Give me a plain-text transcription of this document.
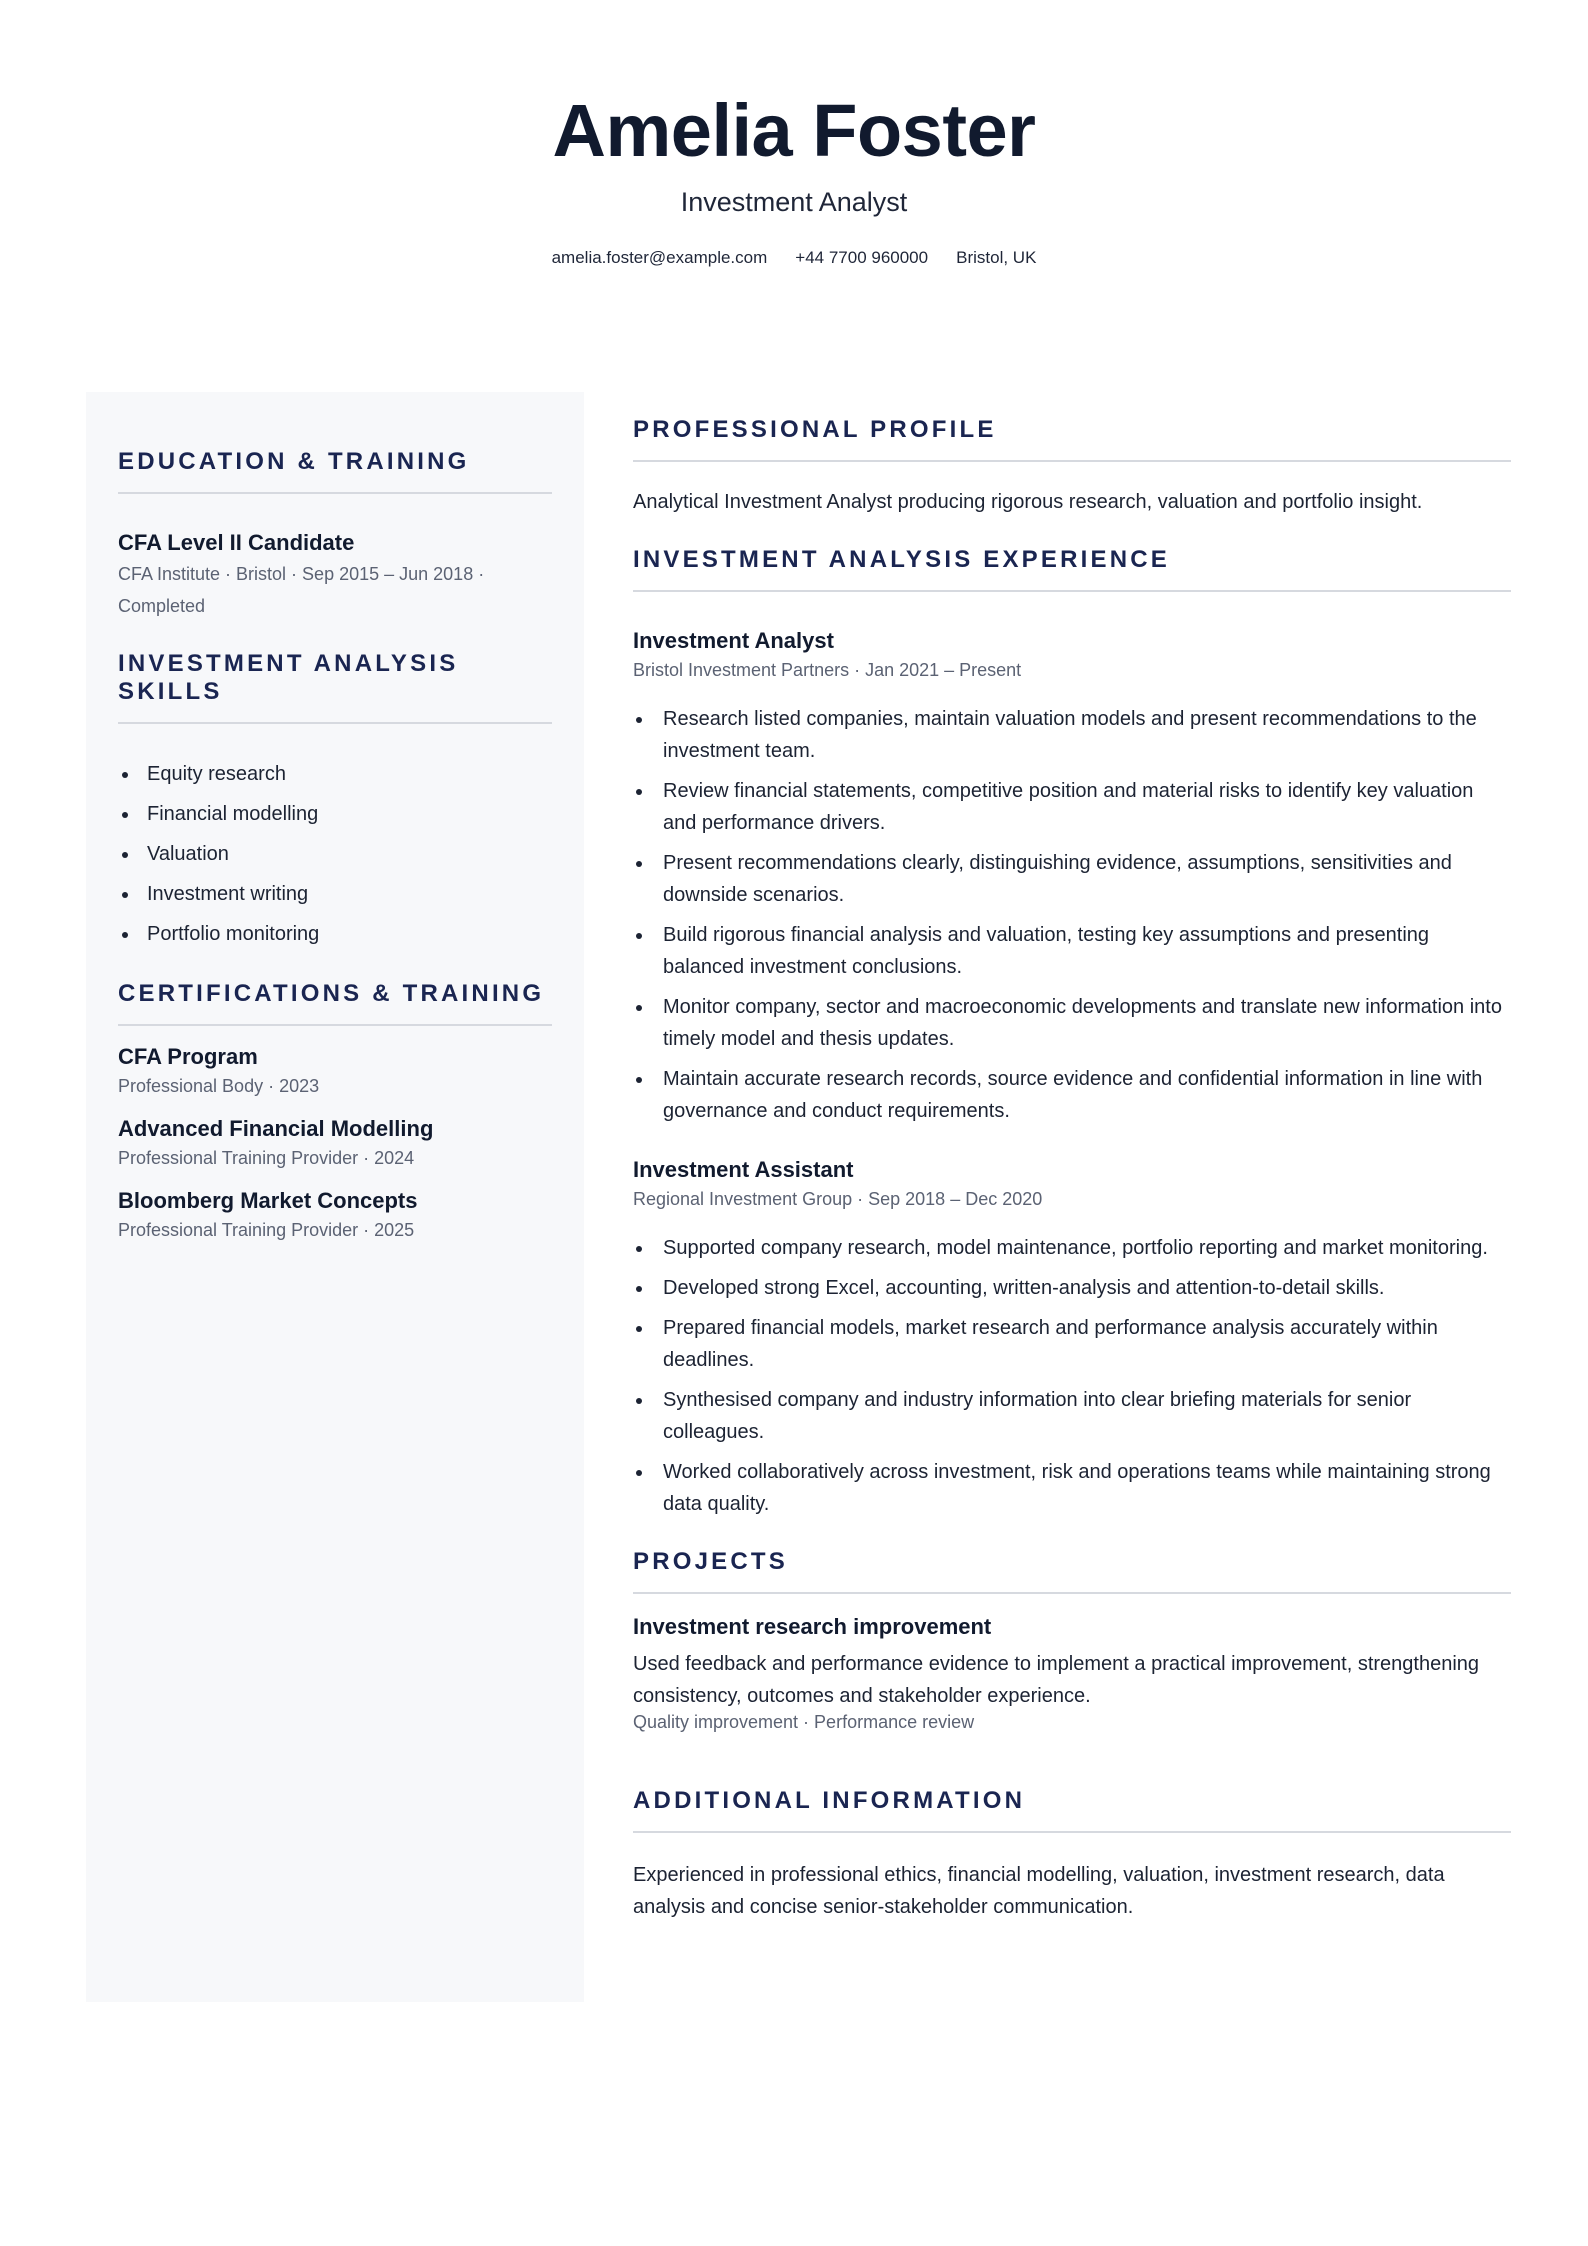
Amelia Foster
Investment Analyst
amelia.foster@example.com +44 7700 960000 Bristol, UK
EDUCATION & TRAINING
CFA Level II Candidate
CFA Institute · Bristol · Sep 2015 – Jun 2018 ·
Completed
INVESTMENT ANALYSIS SKILLS
Equity research
Financial modelling
Valuation
Investment writing
Portfolio monitoring
CERTIFICATIONS & TRAINING
CFA Program
Professional Body · 2023
Advanced Financial Modelling
Professional Training Provider · 2024
Bloomberg Market Concepts
Professional Training Provider · 2025
PROFESSIONAL PROFILE
Analytical Investment Analyst producing rigorous research, valuation and portfolio insight.
INVESTMENT ANALYSIS EXPERIENCE
Investment Analyst
Bristol Investment Partners · Jan 2021 – Present
Research listed companies, maintain valuation models and present recommendations to the investment team.
Review financial statements, competitive position and material risks to identify key valuation and performance drivers.
Present recommendations clearly, distinguishing evidence, assumptions, sensitivities and downside scenarios.
Build rigorous financial analysis and valuation, testing key assumptions and presenting balanced investment conclusions.
Monitor company, sector and macroeconomic developments and translate new information into timely model and thesis updates.
Maintain accurate research records, source evidence and confidential information in line with governance and conduct requirements.
Investment Assistant
Regional Investment Group · Sep 2018 – Dec 2020
Supported company research, model maintenance, portfolio reporting and market monitoring.
Developed strong Excel, accounting, written-analysis and attention-to-detail skills.
Prepared financial models, market research and performance analysis accurately within deadlines.
Synthesised company and industry information into clear briefing materials for senior colleagues.
Worked collaboratively across investment, risk and operations teams while maintaining strong data quality.
PROJECTS
Investment research improvement
Used feedback and performance evidence to implement a practical improvement, strengthening consistency, outcomes and stakeholder experience.
Quality improvement · Performance review
ADDITIONAL INFORMATION
Experienced in professional ethics, financial modelling, valuation, investment research, data analysis and concise senior-stakeholder communication.
